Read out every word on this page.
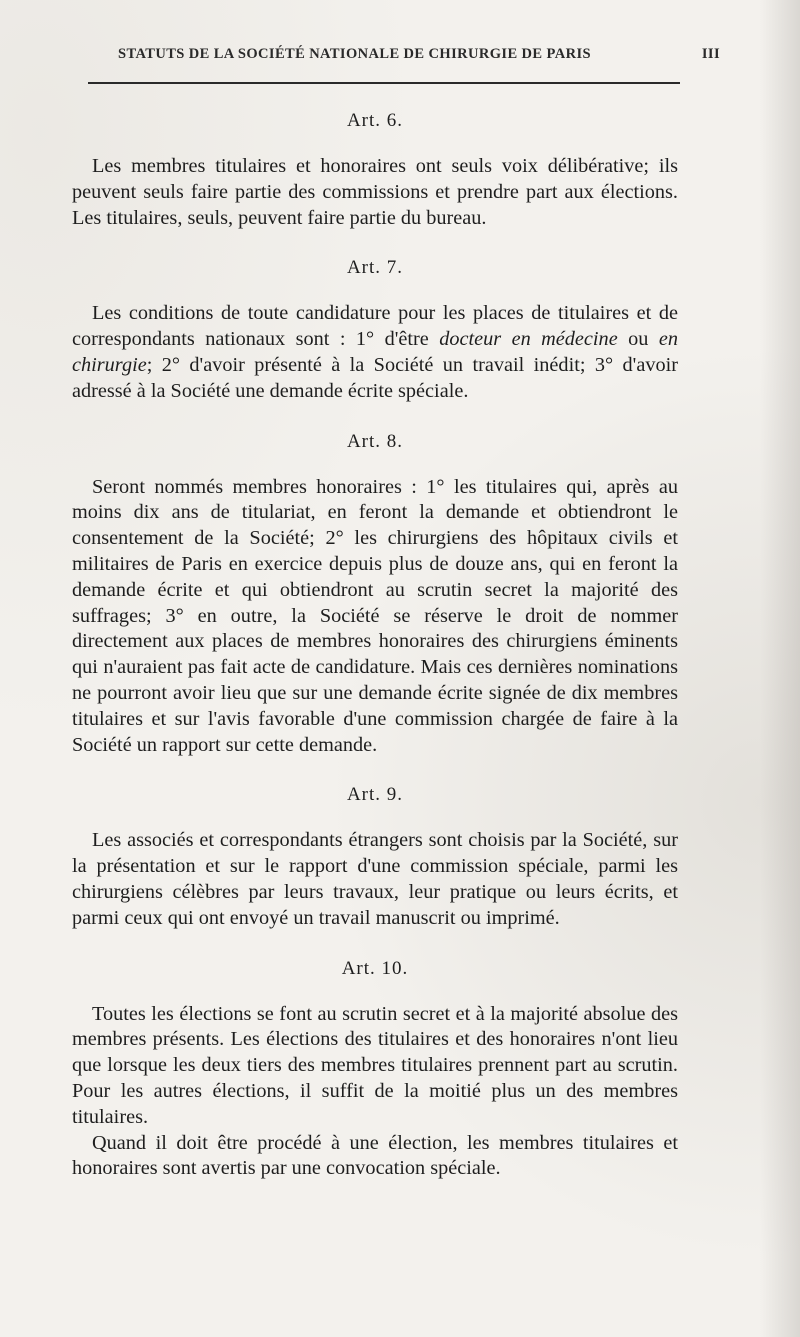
STATUTS DE LA SOCIÉTÉ NATIONALE DE CHIRURGIE DE PARIS	III
Art. 6.

Les membres titulaires et honoraires ont seuls voix délibérative; ils peuvent seuls faire partie des commissions et prendre part aux élections. Les titulaires, seuls, peuvent faire partie du bureau.

Art. 7.

Les conditions de toute candidature pour les places de titulaires et de correspondants nationaux sont : 1° d'être docteur en médecine ou en chirurgie; 2° d'avoir présenté à la Société un travail inédit; 3° d'avoir adressé à la Société une demande écrite spéciale.

Art. 8.

Seront nommés membres honoraires : 1° les titulaires qui, après au moins dix ans de titulariat, en feront la demande et obtiendront le consentement de la Société; 2° les chirurgiens des hôpitaux civils et militaires de Paris en exercice depuis plus de douze ans, qui en feront la demande écrite et qui obtiendront au scrutin secret la majorité des suffrages; 3° en outre, la Société se réserve le droit de nommer directement aux places de membres honoraires des chirurgiens éminents qui n'auraient pas fait acte de candidature. Mais ces dernières nominations ne pourront avoir lieu que sur une demande écrite signée de dix membres titulaires et sur l'avis favorable d'une commission chargée de faire à la Société un rapport sur cette demande.

Art. 9.

Les associés et correspondants étrangers sont choisis par la Société, sur la présentation et sur le rapport d'une commission spéciale, parmi les chirurgiens célèbres par leurs travaux, leur pratique ou leurs écrits, et parmi ceux qui ont envoyé un travail manuscrit ou imprimé.

Art. 10.

Toutes les élections se font au scrutin secret et à la majorité absolue des membres présents. Les élections des titulaires et des honoraires n'ont lieu que lorsque les deux tiers des membres titulaires prennent part au scrutin. Pour les autres élections, il suffit de la moitié plus un des membres titulaires.

Quand il doit être procédé à une élection, les membres titulaires et honoraires sont avertis par une convocation spéciale.
